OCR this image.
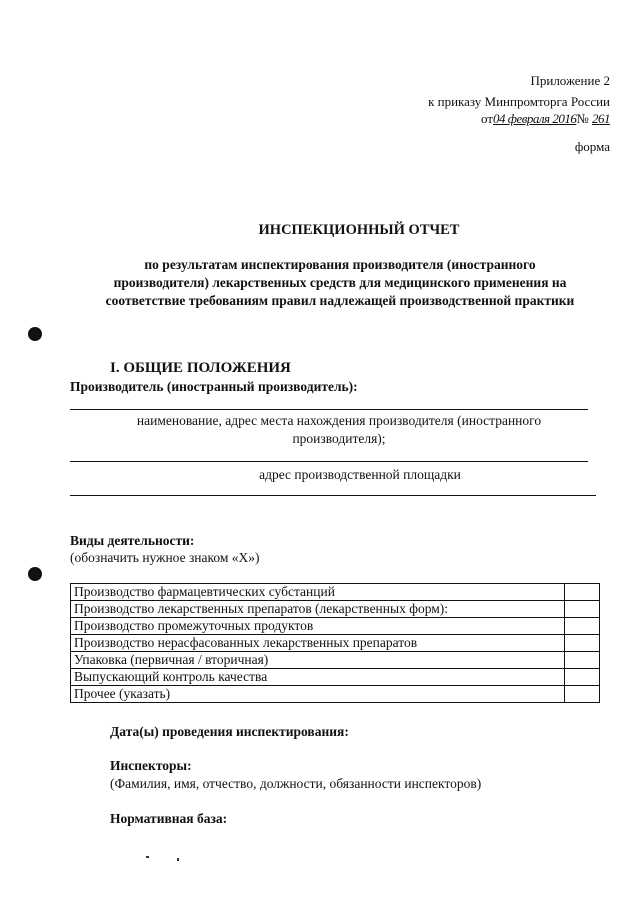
Приложение 2
к приказу Минпромторга России
от04 февраля 2016№ 261
форма
ИНСПЕКЦИОННЫЙ ОТЧЕТ
по результатам инспектирования производителя (иностранного
производителя) лекарственных средств для медицинского применения на
соответствие требованиям правил надлежащей производственной практики
I. ОБЩИЕ ПОЛОЖЕНИЯ
Производитель (иностранный производитель):
наименование, адрес места нахождения производителя (иностранного
производителя);
адрес производственной площадки
Виды деятельности:
(обозначить нужное знаком «Х»)
Производство фармацевтических субстанций	
Производство лекарственных препаратов (лекарственных форм):	
Производство промежуточных продуктов	
Производство нерасфасованных лекарственных препаратов	
Упаковка (первичная / вторичная)	
Выпускающий контроль качества	
Прочее (указать)	
Дата(ы) проведения инспектирования:
Инспекторы:
(Фамилия, имя, отчество, должности, обязанности инспекторов)
Нормативная база:
